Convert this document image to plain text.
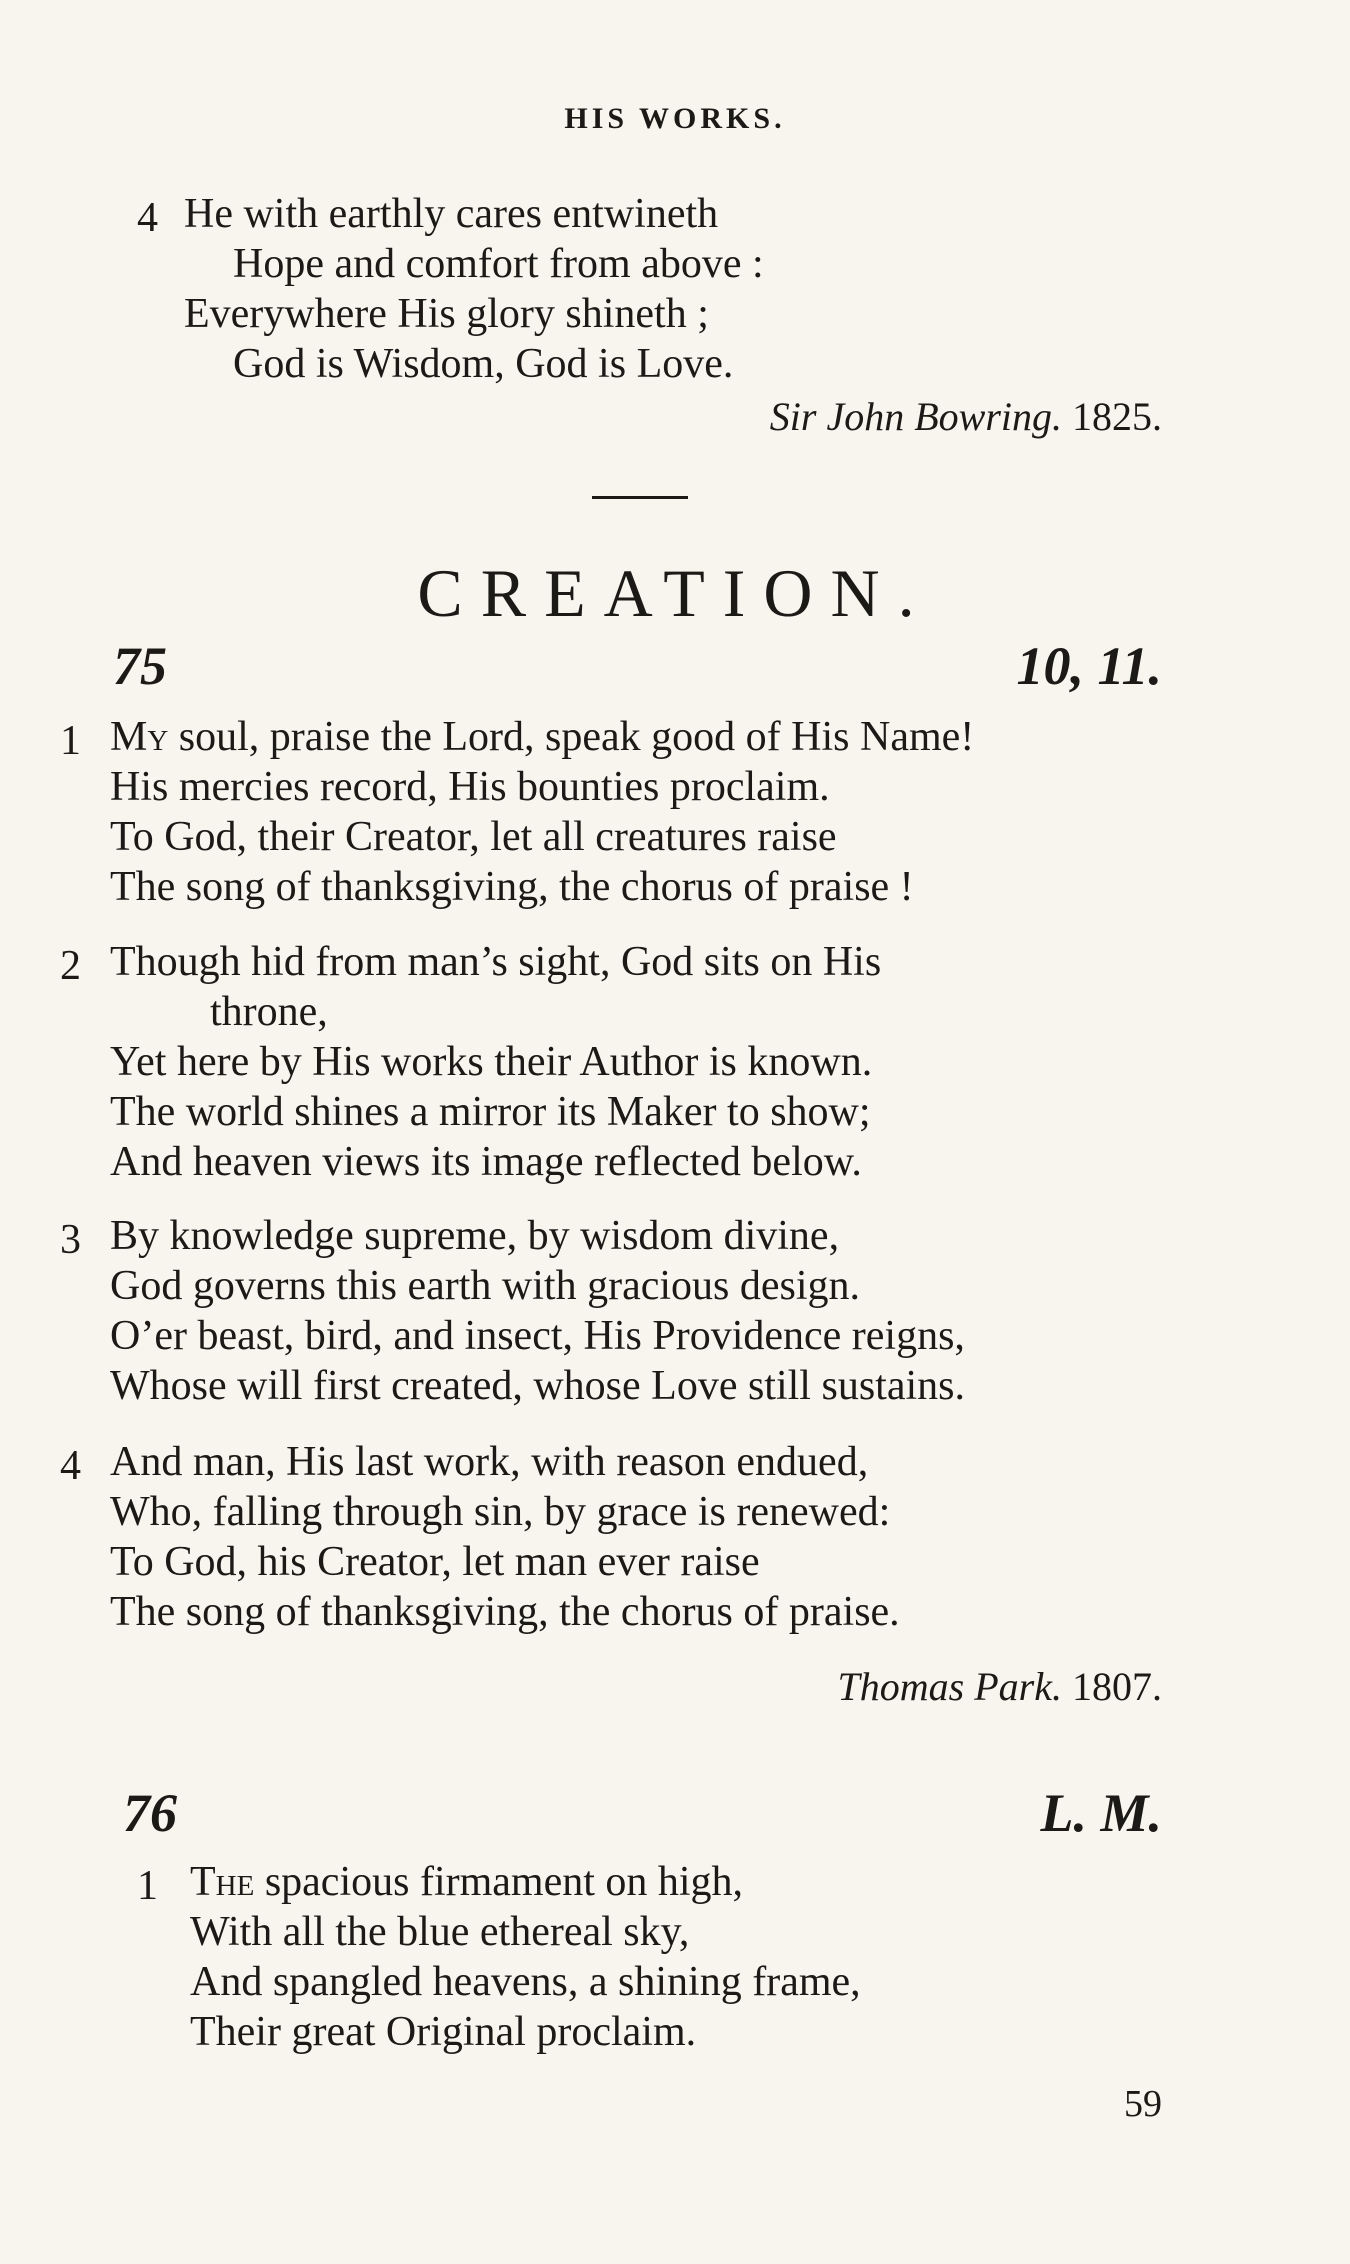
HIS WORKS.
4 He with earthly cares entwineth
Hope and comfort from above :
Everywhere His glory shineth ;
God is Wisdom, God is Love.
Sir John Bowring. 1825.
CREATION.
75	10, 11.
1 My soul, praise the Lord, speak good of His Name!
His mercies record, His bounties proclaim.
To God, their Creator, let all creatures raise
The song of thanksgiving, the chorus of praise !
2 Though hid from man’s sight, God sits on His
throne,
Yet here by His works their Author is known.
The world shines a mirror its Maker to show;
And heaven views its image reflected below.
3 By knowledge supreme, by wisdom divine,
God governs this earth with gracious design.
O’er beast, bird, and insect, His Providence reigns,
Whose will first created, whose Love still sustains.
4 And man, His last work, with reason endued,
Who, falling through sin, by grace is renewed:
To God, his Creator, let man ever raise
The song of thanksgiving, the chorus of praise.
Thomas Park. 1807.
76	L. M.
1 The spacious firmament on high,
With all the blue ethereal sky,
And spangled heavens, a shining frame,
Their great Original proclaim.
59
